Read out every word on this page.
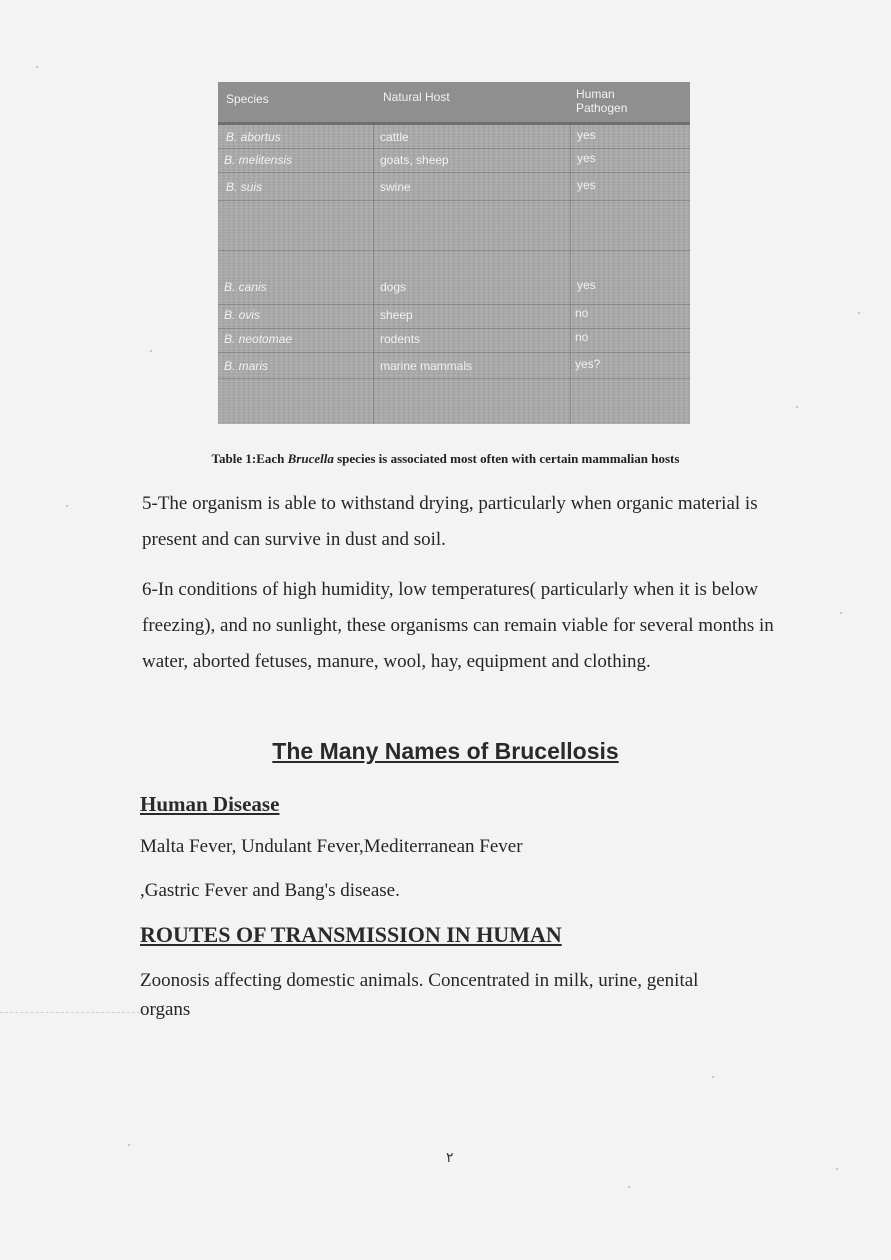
Species	Natural Host	Human Pathogen
B. abortus	cattle	yes
B. melitensis	goats, sheep	yes
B. suis	swine	yes
B. canis	dogs	yes
B. ovis	sheep	no
B. neotomae	rodents	no
B. maris	marine mammals	yes?
Table 1:Each Brucella species is associated most often with certain mammalian hosts
5-The organism is able to withstand drying, particularly when organic material is present and can survive in dust and soil.
6-In conditions of high humidity, low temperatures( particularly when it is below freezing), and no sunlight, these organisms can remain viable for several months in water, aborted fetuses, manure, wool, hay, equipment and clothing.
The Many Names of Brucellosis
Human Disease
Malta Fever, Undulant Fever,Mediterranean Fever
,Gastric Fever and Bang's disease.
ROUTES OF TRANSMISSION IN HUMAN
Zoonosis affecting domestic animals. Concentrated in milk, urine, genital organs
٢
